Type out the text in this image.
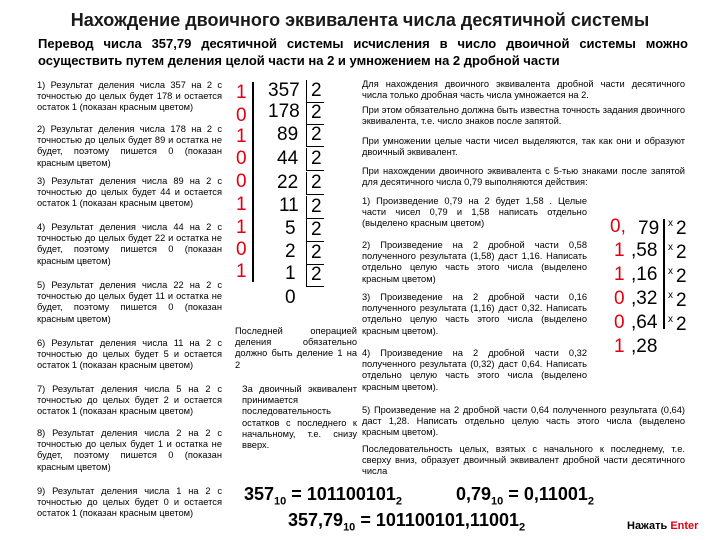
Нахождение двоичного эквивалента числа десятичной системы
Перевод числа 357,79 десятичной системы исчисления в число двоичной системы можно осуществить путем деления целой части на 2 и умножением на 2 дробной части
1) Результат деления числа 357 на 2 с точностью до целых будет 178 и остается остаток 1 (показан красным цветом)
2) Результат деления числа 178 на 2 с точностью до целых будет 89 и остатка не будет, поэтому пишется 0 (показан красным цветом)
3) Результат деления числа 89 на 2 с точностью до целых будет 44 и остается остаток 1 (показан красным цветом)
4) Результат деления числа 44 на 2 с точностью до целых будет 22 и остатка не будет, поэтому пишется 0 (показан красным цветом)
5) Результат деления числа 22 на 2 с точностью до целых будет 11 и остатка не будет, поэтому пишется 0 (показан красным цветом)
6) Результат деления числа 11 на 2 с точностью до целых будет 5 и остается остаток 1 (показан красным цветом)
7) Результат деления числа 5 на 2 с точностью до целых будет 2 и остается остаток 1 (показан красным цветом)
8) Результат деления числа 2 на 2 с точностью до целых будет 1 и остатка не будет, поэтому пишется 0 (показан красным цветом)
9) Результат деления числа 1 на 2 с точностью до целых будет 0 и остается остаток 1 (показан красным цветом)
1
0
1
0
0
1
1
0
1
357 2
178 2
89 2
44 2
22 2
11 2
5 2
2 2
1 2
0
Последней операцией деления обязательно должно быть деление 1 на 2
За двоичный эквивалент принимается последовательность остатков с последнего к начальному, т.е. снизу вверх.
Для нахождения двоичного эквивалента дробной части десятичного числа только дробная часть числа умножается на 2.
При этом обязательно должна быть известна точность задания двоичного эквивалента, т.е. число знаков после запятой.
При умножении целые части чисел выделяются, так как они и образуют двоичный эквивалент.
При нахождении двоичного эквивалента с 5-тью знаками после запятой для десятичного числа 0,79 выполняются действия:
1) Произведение 0,79 на 2 будет 1,58 . Целые части чисел 0,79 и 1,58 написать отдельно (выделено красным цветом)
2) Произведение на 2 дробной части 0,58 полученного результата (1,58) даст 1,16. Написать отдельно целую часть этого числа (выделено красным цветом)
3) Произведение на 2 дробной части 0,16 полученного результата (1,16) даст 0,32. Написать отдельно целую часть этого числа (выделено красным цветом).
4) Произведение на 2 дробной части 0,32 полученного результата (0,32) даст 0,64. Написать отдельно целую часть этого числа (выделено красным цветом).
5) Произведение на 2 дробной части 0,64 полученного результата (0,64) даст 1,28. Написать отдельно целую часть этого числа (выделено красным цветом).
Последовательность целых, взятых с начального к последнему, т.е. сверху вниз, образует двоичный эквивалент дробной части десятичного числа
0,
1
1
0
0
1
79
,58
,16
,32
,64
,28
x 2
x 2
x 2
x 2
x 2
$357_{10} = 101100101_2$	$0,79_{10} = 0,11001_2$
$357,79_{10} = 101100101,11001_2$	Нажать Enter
